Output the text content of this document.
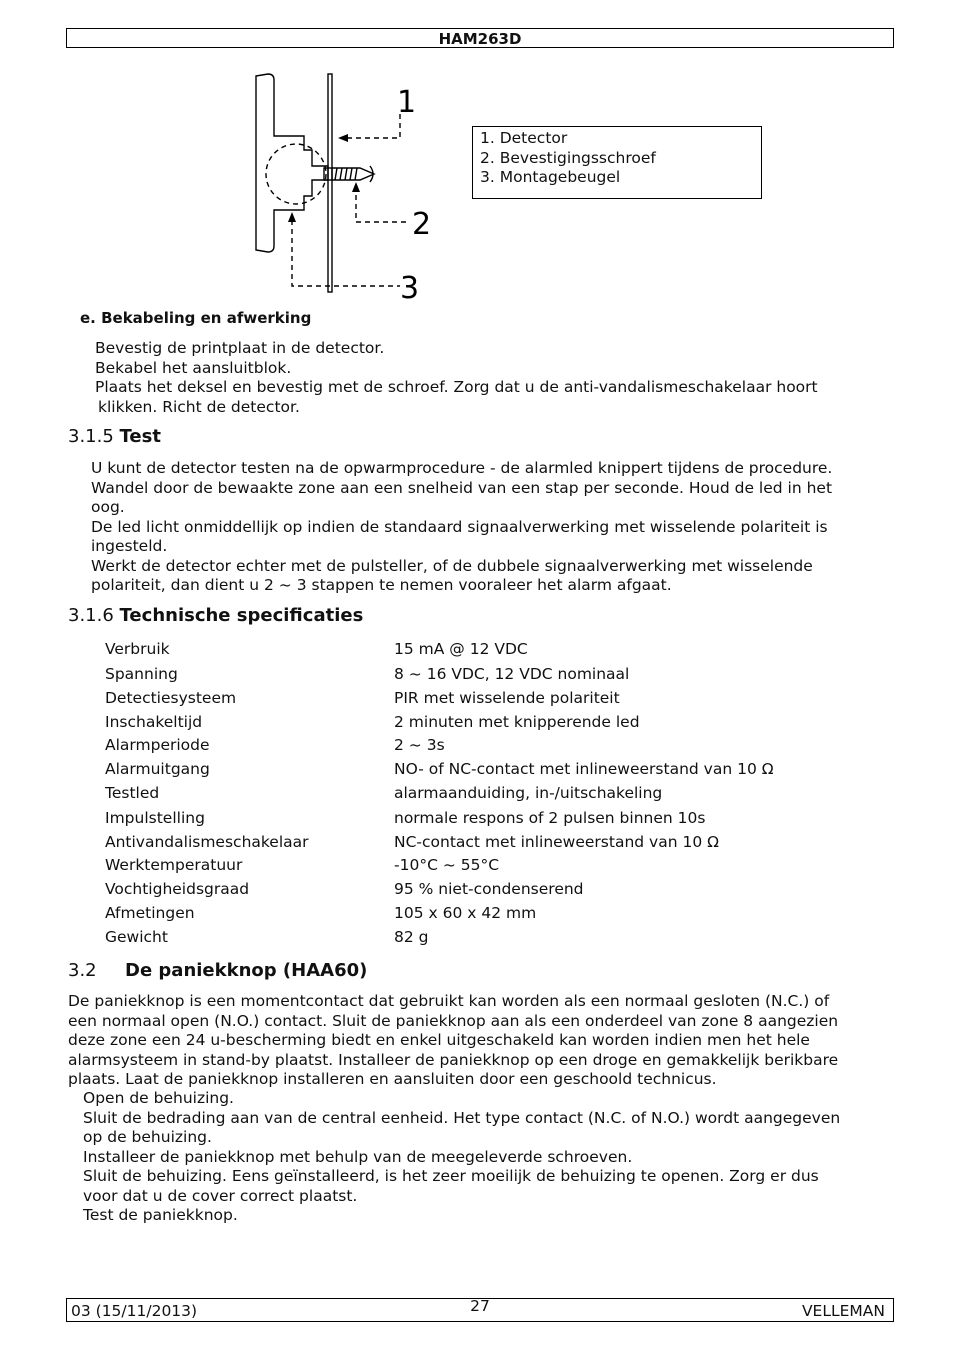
HAM263D
1
2
3
1. Detector
2. Bevestigingsschroef
3. Montagebeugel
e. Bekabeling en afwerking
Bevestig de printplaat in de detector.
Bekabel het aansluitblok.
Plaats het deksel en bevestig met de schroef. Zorg dat u de anti-vandalismeschakelaar hoort
klikken. Richt de detector.
3.1.5 Test
U kunt de detector testen na de opwarmprocedure - de alarmled knippert tijdens de procedure.
Wandel door de bewaakte zone aan een snelheid van een stap per seconde. Houd de led in het
oog.
De led licht onmiddellijk op indien de standaard signaalverwerking met wisselende polariteit is
ingesteld.
Werkt de detector echter met de pulsteller, of de dubbele signaalverwerking met wisselende
polariteit, dan dient u 2 ~ 3 stappen te nemen vooraleer het alarm afgaat.
3.1.6 Technische specificaties
Verbruik	15 mA @ 12 VDC
Spanning	8 ~ 16 VDC, 12 VDC nominaal
Detectiesysteem	PIR met wisselende polariteit
Inschakeltijd	2 minuten met knipperende led
Alarmperiode	2 ~ 3s
Alarmuitgang	NO- of NC-contact met inlineweerstand van 10 Ω
Testled	alarmaanduiding, in-/uitschakeling
Impulstelling	normale respons of 2 pulsen binnen 10s
Antivandalismeschakelaar	NC-contact met inlineweerstand van 10 Ω
Werktemperatuur	-10°C ~ 55°C
Vochtigheidsgraad	95 % niet-condenserend
Afmetingen	105 x 60 x 42 mm
Gewicht	82 g
3.2 De paniekknop (HAA60)
De paniekknop is een momentcontact dat gebruikt kan worden als een normaal gesloten (N.C.) of
een normaal open (N.O.) contact. Sluit de paniekknop aan als een onderdeel van zone 8 aangezien
deze zone een 24 u-bescherming biedt en enkel uitgeschakeld kan worden indien men het hele
alarmsysteem in stand-by plaatst. Installeer de paniekknop op een droge en gemakkelijk berikbare
plaats. Laat de paniekknop installeren en aansluiten door een geschoold technicus.
Open de behuizing.
Sluit de bedrading aan van de central eenheid. Het type contact (N.C. of N.O.) wordt aangegeven
op de behuizing.
Installeer de paniekknop met behulp van de meegeleverde schroeven.
Sluit de behuizing. Eens geïnstalleerd, is het zeer moeilijk de behuizing te openen. Zorg er dus
voor dat u de cover correct plaatst.
Test de paniekknop.
03 (15/11/2013)	27	VELLEMAN
